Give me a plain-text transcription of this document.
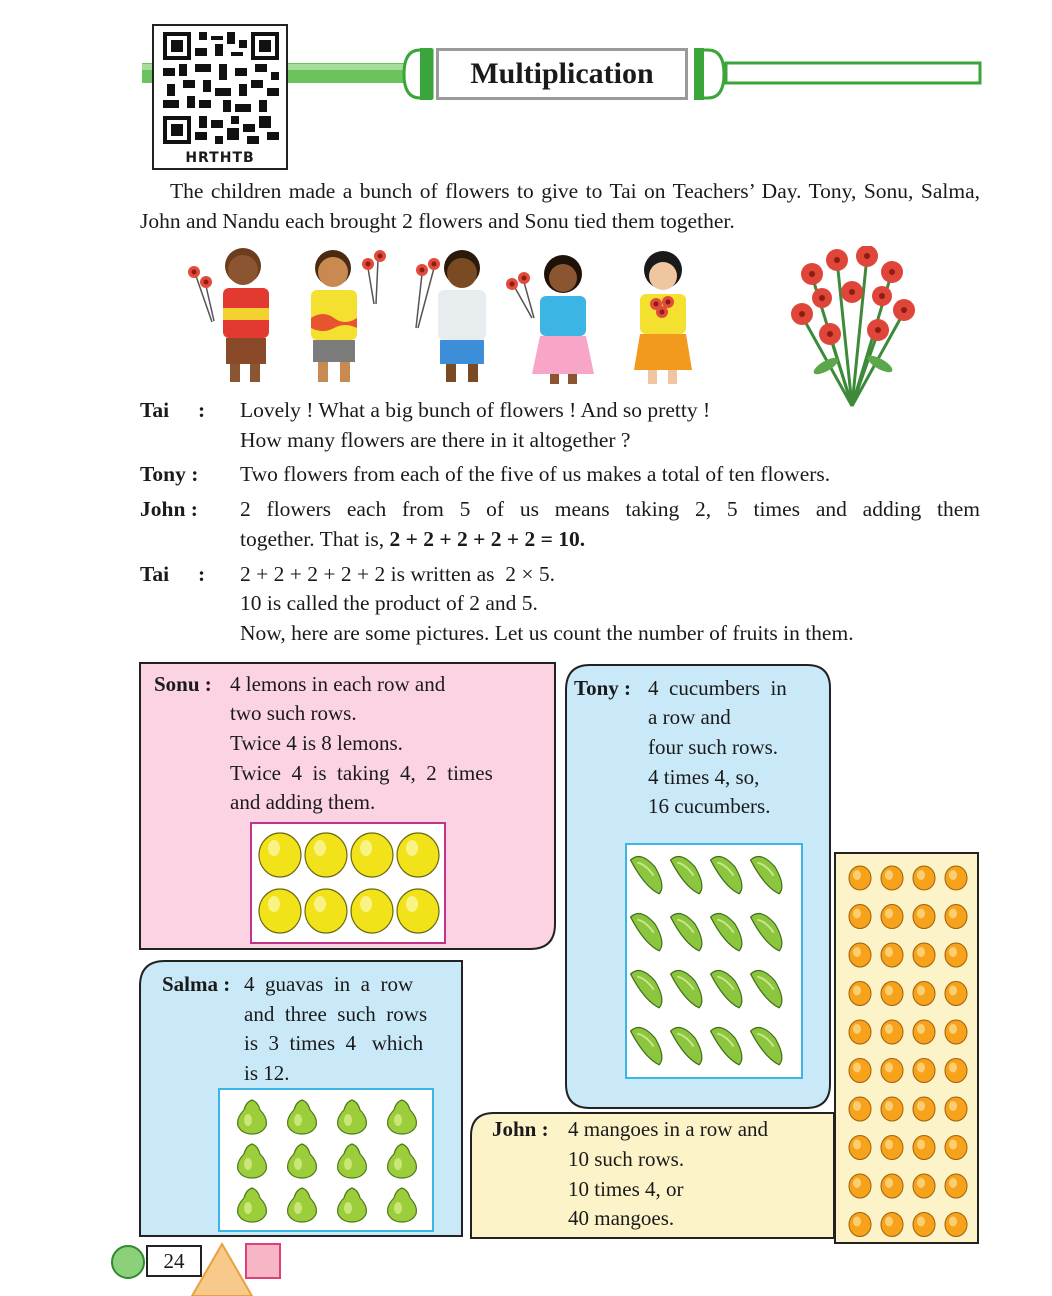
HRTHTB
Multiplication

The children made a bunch of flowers to give to Tai on Teachers’ Day. Tony, Sonu, Salma, John and Nandu each brought 2 flowers and Sonu tied them together.

Tai : Lovely ! What a big bunch of flowers ! And so pretty !
How many flowers are there in it altogether ?
Tony : Two flowers from each of the five of us makes a total of ten flowers.
John : 2 flowers each from 5 of us means taking 2, 5 times and adding them
together. That is, 2 + 2 + 2 + 2 + 2 = 10.
Tai : 2 + 2 + 2 + 2 + 2 is written as  2 × 5.
10 is called the product of 2 and 5.
Now, here are some pictures. Let us count the number of fruits in them.
Sonu : 4 lemons in each row and
two such rows.
Twice 4 is 8 lemons.
Twice  4  is  taking  4,  2  times
and adding them.
Tony : 4  cucumbers  in
a row and
four such rows.
4 times 4, so,
16 cucumbers.
Salma : 4  guavas  in  a  row
and  three  such  rows
is  3  times  4   which
is 12.
John : 4 mangoes in a row and
10 such rows.
10 times 4, or
40 mangoes.
24
